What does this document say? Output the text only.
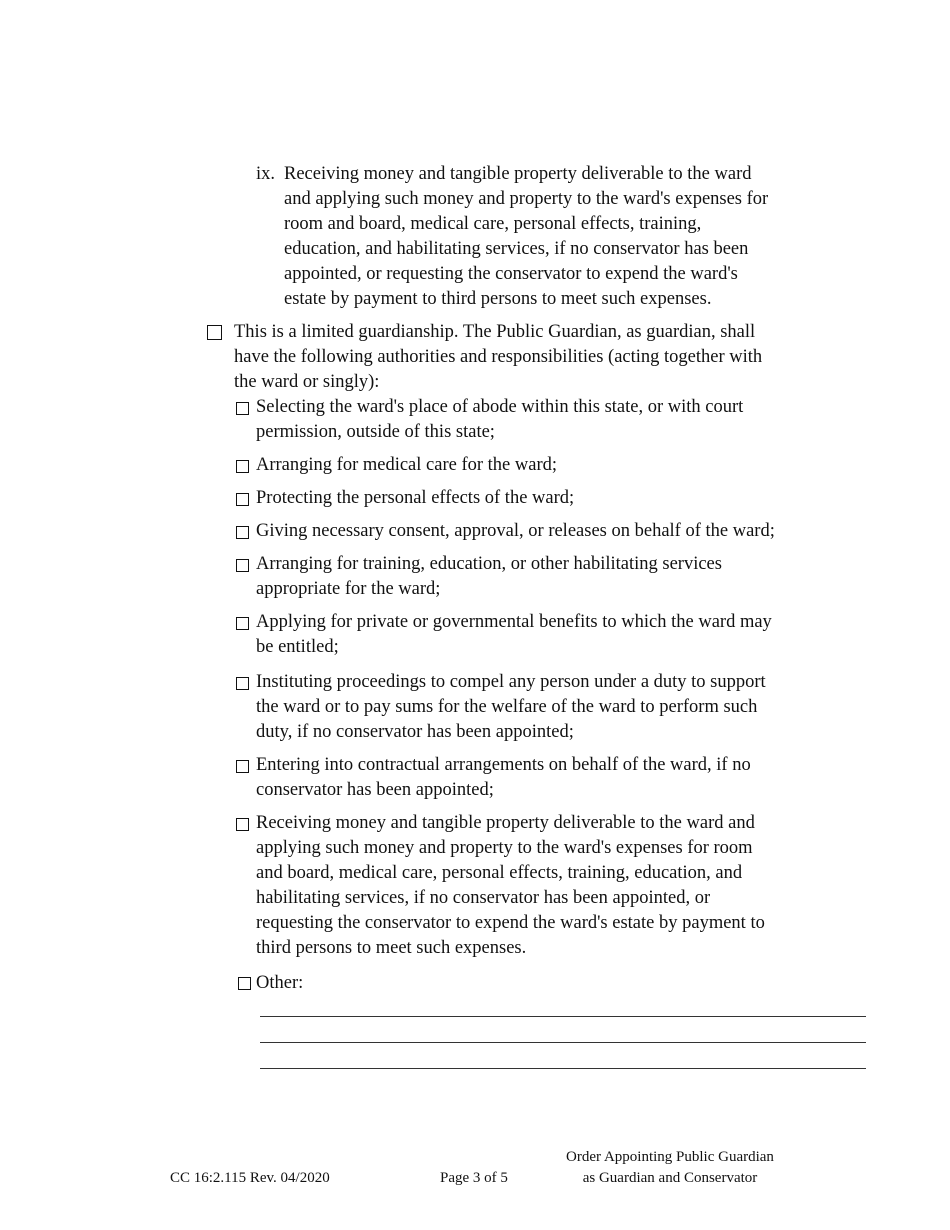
ix. Receiving money and tangible property deliverable to the ward
and applying such money and property to the ward's expenses for
room and board, medical care, personal effects, training,
education, and habilitating services, if no conservator has been
appointed, or requesting the conservator to expend the ward's
estate by payment to third persons to meet such expenses.
This is a limited guardianship. The Public Guardian, as guardian, shall
have the following authorities and responsibilities (acting together with
the ward or singly):
Selecting the ward's place of abode within this state, or with court
permission, outside of this state;
Arranging for medical care for the ward;
Protecting the personal effects of the ward;
Giving necessary consent, approval, or releases on behalf of the ward;
Arranging for training, education, or other habilitating services
appropriate for the ward;
Applying for private or governmental benefits to which the ward may
be entitled;
Instituting proceedings to compel any person under a duty to support
the ward or to pay sums for the welfare of the ward to perform such
duty, if no conservator has been appointed;
Entering into contractual arrangements on behalf of the ward, if no
conservator has been appointed;
Receiving money and tangible property deliverable to the ward and
applying such money and property to the ward's expenses for room
and board, medical care, personal effects, training, education, and
habilitating services, if no conservator has been appointed, or
requesting the conservator to expend the ward's estate by payment to
third persons to meet such expenses.
Other:
CC 16:2.115 Rev. 04/2020	Page 3 of 5
Order Appointing Public Guardian
as Guardian and Conservator
